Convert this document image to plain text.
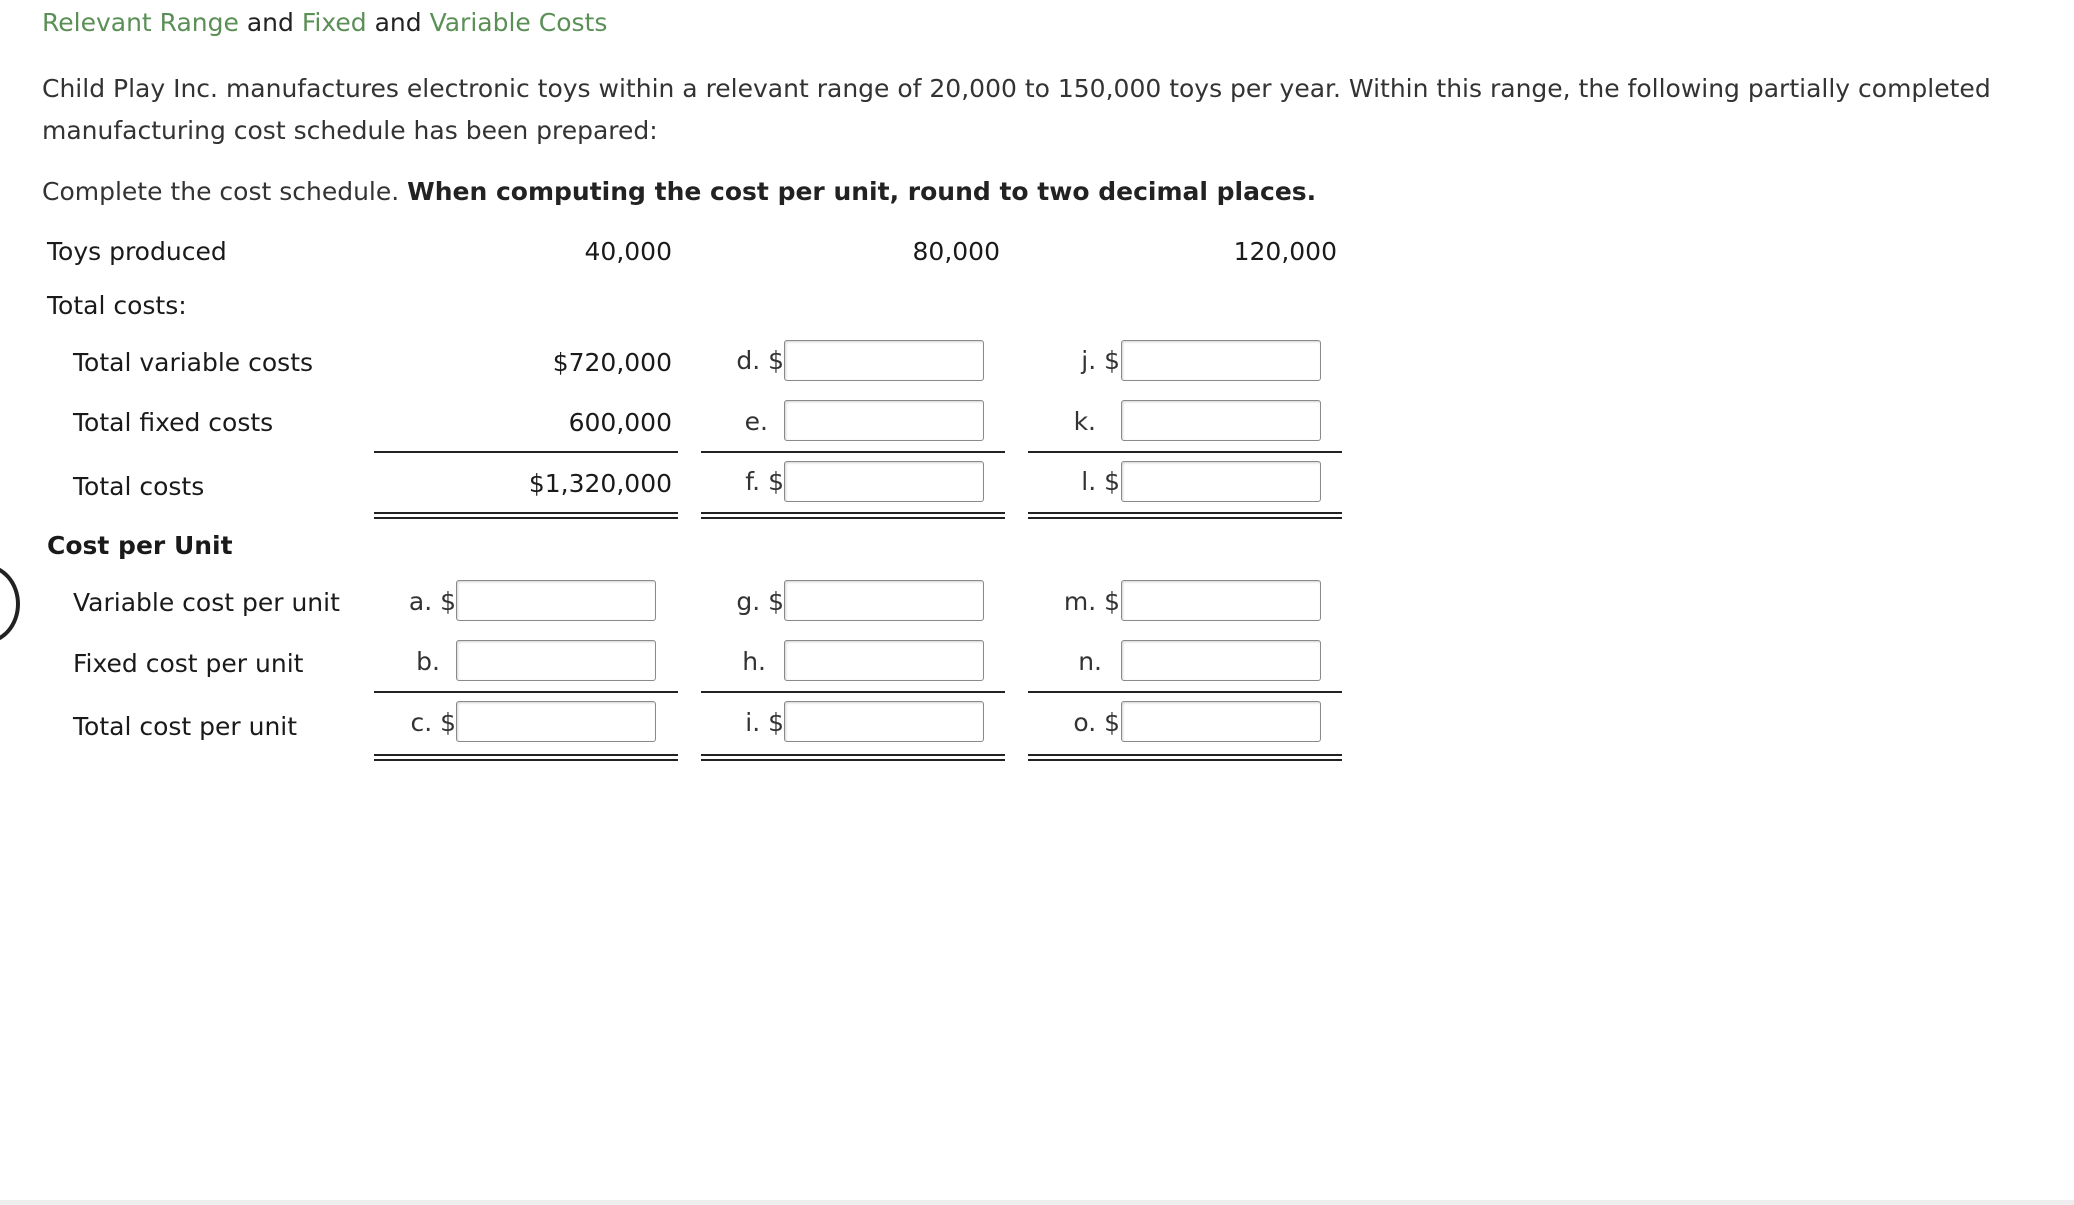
Relevant Range and Fixed and Variable Costs
Child Play Inc. manufactures electronic toys within a relevant range of 20,000 to 150,000 toys per year. Within this range, the following partially completed manufacturing cost schedule has been prepared:
Complete the cost schedule. When computing the cost per unit, round to two decimal places.
Toys produced	40,000	80,000	120,000
Total costs:
Total variable costs	$720,000	d. $	j. $
Total fixed costs	600,000	e.	k.
Total costs	$1,320,000	f. $	l. $
Cost per Unit
Variable cost per unit	a. $	g. $	m. $
Fixed cost per unit	b.	h.	n.
Total cost per unit	c. $	i. $	o. $
